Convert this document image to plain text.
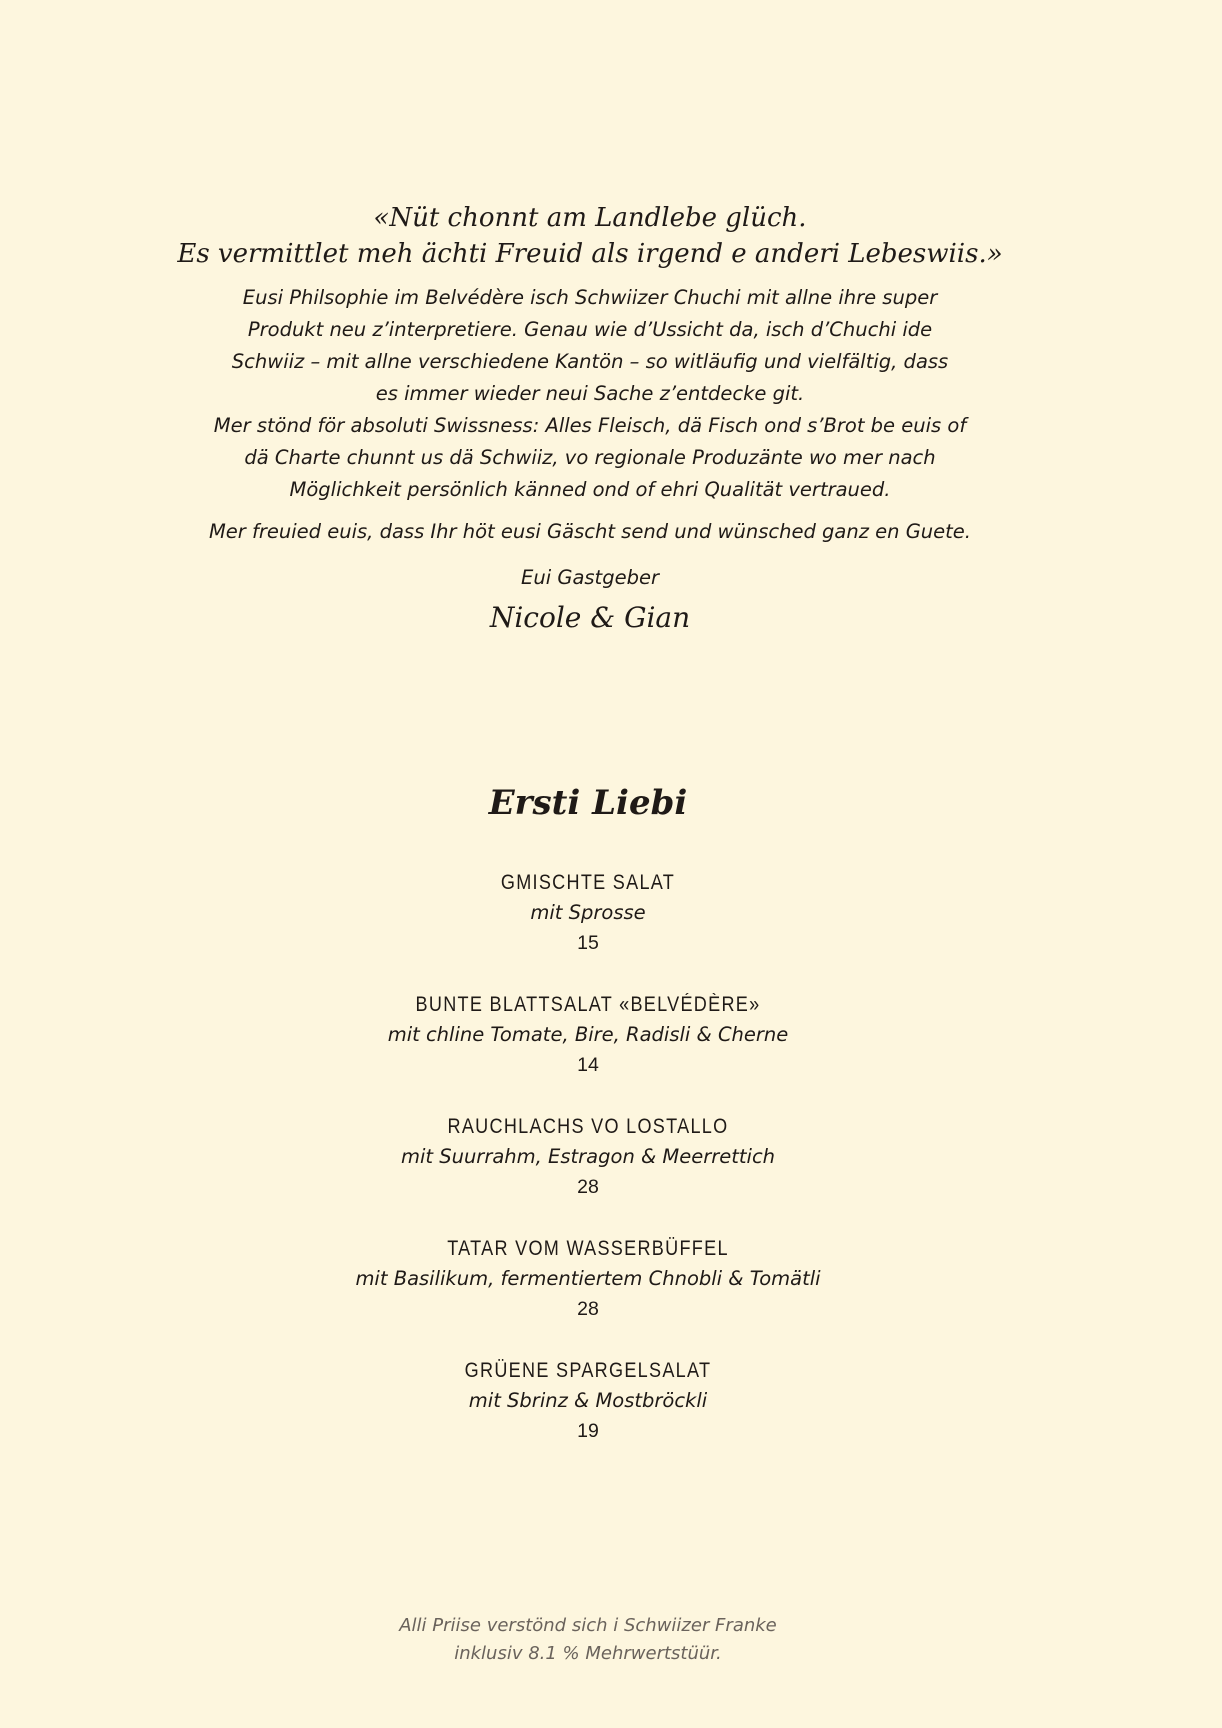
«Nüt chonnt am Landlebe glüch.
Es vermittlet meh ächti Freuid als irgend e anderi Lebeswiis.»
Eusi Philsophie im Belvédère isch Schwiizer Chuchi mit allne ihre super
Produkt neu z’interpretiere. Genau wie d’Ussicht da, isch d’Chuchi ide
Schwiiz – mit allne verschiedene Kantön – so witläufig und vielfältig, dass
es immer wieder neui Sache z’entdecke git.
Mer stönd för absoluti Swissness: Alles Fleisch, dä Fisch ond s’Brot be euis of
dä Charte chunnt us dä Schwiiz, vo regionale Produzänte wo mer nach
Möglichkeit persönlich känned ond of ehri Qualität vertraued.
Mer freuied euis, dass Ihr höt eusi Gäscht send und wünsched ganz en Guete.
Eui Gastgeber
Nicole & Gian
Ersti Liebi
GMISCHTE SALAT
mit Sprosse
15
BUNTE BLATTSALAT «BELVÉDÈRE»
mit chline Tomate, Bire, Radisli & Cherne
14
RAUCHLACHS VO LOSTALLO
mit Suurrahm, Estragon & Meerrettich
28
TATAR VOM WASSERBÜFFEL
mit Basilikum, fermentiertem Chnobli & Tomätli
28
GRÜENE SPARGELSALAT
mit Sbrinz & Mostbröckli
19
Alli Priise verstönd sich i Schwiizer Franke
inklusiv 8.1 % Mehrwertstüür.
